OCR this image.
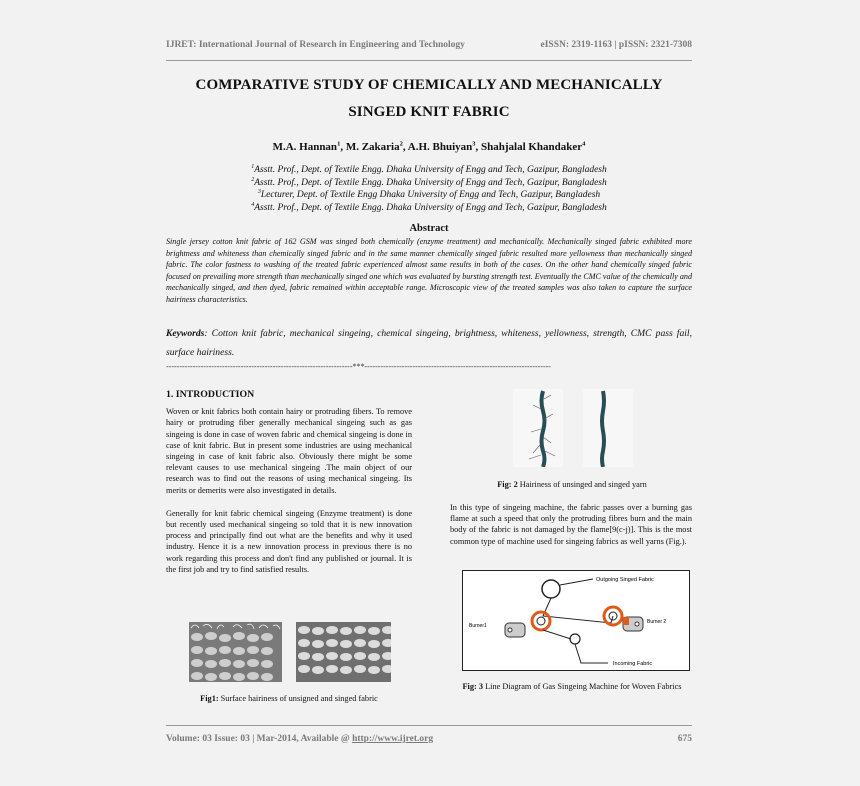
IJRET: International Journal of Research in Engineering and Technology	eISSN: 2319-1163 | pISSN: 2321-7308
COMPARATIVE STUDY OF CHEMICALLY AND MECHANICALLY
SINGED KNIT FABRIC
M.A. Hannan$^1$, M. Zakaria$^2$, A.H. Bhuiyan$^3$, Shahjalal Khandaker$^4$
$^1$Asstt. Prof., Dept. of Textile Engg. Dhaka University of Engg and Tech, Gazipur, Bangladesh
$^2$Asstt. Prof., Dept. of Textile Engg. Dhaka University of Engg and Tech, Gazipur, Bangladesh
$^3$Lecturer, Dept. of Textile Engg Dhaka University of Engg and Tech, Gazipur, Bangladesh
$^4$Asstt. Prof., Dept. of Textile Engg. Dhaka University of Engg and Tech, Gazipur, Bangladesh
Abstract
Single jersey cotton knit fabric of 162 GSM was singed both chemically (enzyme treatment) and mechanically. Mechanically singed fabric exhibited more brightness and whiteness than chemically singed fabric and in the same manner chemically singed fabric resulted more yellowness than mechanically singed fabric. The color fastness to washing of the treated fabric experienced almost same results in both of the cases. On the other hand chemically singed fabric focused on prevailing more strength than mechanically singed one which was evaluated by bursting strength test. Eventually the CMC value of the chemically and mechanically singed, and then dyed, fabric remained within acceptable range. Microscopic view of the treated samples was also taken to capture the surface hairiness characteristics.
Keywords: Cotton knit fabric, mechanical singeing, chemical singeing, brightness, whiteness, yellowness, strength, CMC pass fail, surface hairiness.
----------------------------------------------------------------------***----------------------------------------------------------------------
1. INTRODUCTION
Woven or knit fabrics both contain hairy or protruding fibers. To remove hairy or protruding fiber generally mechanical singeing such as gas singeing is done in case of woven fabric and chemical singeing is done in case of knit fabric. But in present some industries are using mechanical singeing in case of knit fabric also. Obviously there might be some relevant causes to use mechanical singeing .The main object of our research was to find out the reasons of using mechanical singeing. Its merits or demerits were also investigated in details.
Generally for knit fabric chemical singeing (Enzyme treatment) is done but recently used mechanical singeing so told that it is new innovation process and principally find out what are the benefits and why it used industry. Hence it is a new innovation process in previous there is no work regarding this process and don't find any published or journal. It is the first job and try to find satisfied results.
Fig1: Surface hairiness of unsigned and singed fabric
Fig: 2 Hairiness of unsinged and singed yarn
In this type of singeing machine, the fabric passes over a burning gas flame at such a speed that only the protruding fibres burn and the main body of the fabric is not damaged by the flame[9(c-j)]. This is the most common type of machine used for singeing fabrics as well yarns (Fig.).
Outgoing Singed Fabric
Burner1
Burner 2
Incoming Fabric
Fig: 3 Line Diagram of Gas Singeing Machine for Woven Fabrics
Volume: 03 Issue: 03 | Mar-2014, Available @ http://www.ijret.org	675
